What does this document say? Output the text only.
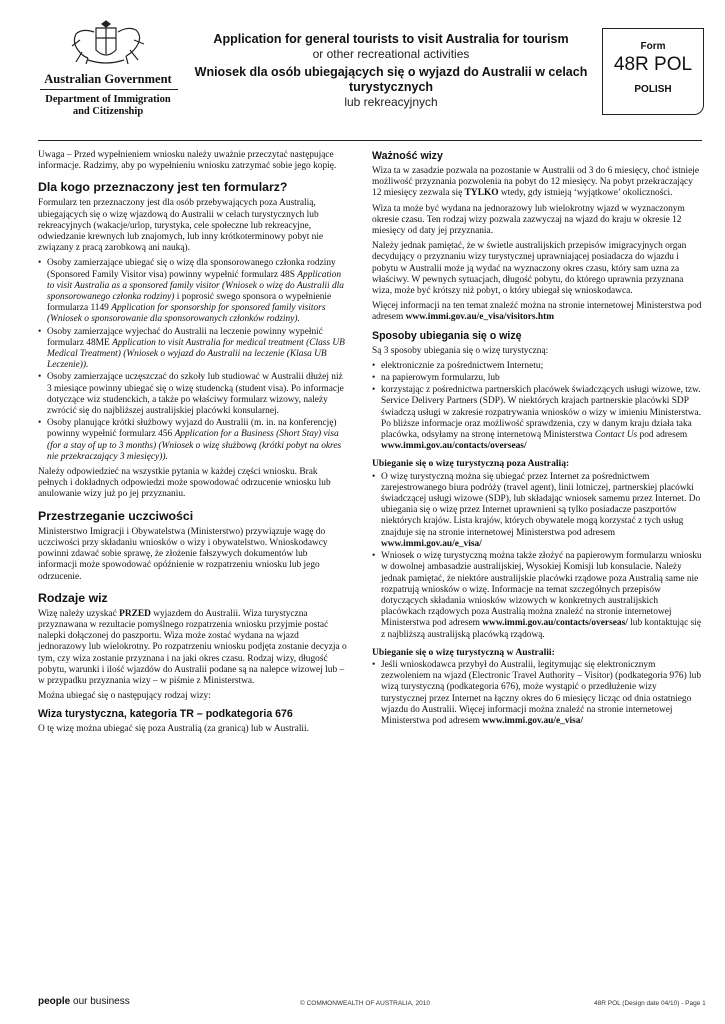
Australian Government
Department of Immigration and Citizenship
Application for general tourists to visit Australia for tourism
or other recreational activities
Wniosek dla osób ubiegających się o wyjazd do Australii w celach turystycznych
lub rekreacyjnych
Form
48R POL
POLISH

Uwaga – Przed wypełnieniem wniosku należy uważnie przeczytać następujące informacje. Radzimy, aby po wypełnieniu wniosku zatrzymać sobie jego kopię.

Dla kogo przeznaczony jest ten formularz?

Formularz ten przeznaczony jest dla osób przebywających poza Australią, ubiegających się o wizę wjazdową do Australii w celach turystycznych lub rekreacyjnych (wakacje/urlop, turystyka, cele społeczne lub rekreacyjne, odwiedzanie krewnych lub znajomych, lub inny krótkoterminowy pobyt nie związany z pracą zarobkową ani nauką).

• Osoby zamierzające ubiegać się o wizę dla sponsorowanego członka rodziny (Sponsored Family Visitor visa) powinny wypełnić formularz 48S Application to visit Australia as a sponsored family visitor (Wniosek o wizę do Australii dla sponsorowanego członka rodziny) i poprosić swego sponsora o wypełnienie formularza 1149 Application for sponsorship for sponsored family visitors (Wniosek o sponsorowanie dla sponsorowanych członków rodziny).
• Osoby zamierzające wyjechać do Australii na leczenie powinny wypełnić formularz 48ME Application to visit Australia for medical treatment (Class UB Medical Treatment) (Wniosek o wyjazd do Australii na leczenie (Klasa UB Leczenie)).
• Osoby zamierzające uczęszczać do szkoły lub studiować w Australii dłużej niż 3 miesiące powinny ubiegać się o wizę studencką (student visa). Po informacje dotyczące wiz studenckich, a także po właściwy formularz wizowy, należy zwrócić się do najbliższej australijskiej placówki konsularnej.
• Osoby planujące krótki służbowy wyjazd do Australii (m. in. na konferencję) powinny wypełnić formularz 456 Application for a Business (Short Stay) visa (for a stay of up to 3 months) (Wniosek o wizę służbową (krótki pobyt na okres nie przekraczający 3 miesięcy)).

Należy odpowiedzieć na wszystkie pytania w każdej części wniosku. Brak pełnych i dokładnych odpowiedzi może spowodować odrzucenie wniosku lub anulowanie wizy już po jej przyznaniu.

Przestrzeganie uczciwości

Ministerstwo Imigracji i Obywatelstwa (Ministerstwo) przywiązuje wagę do uczciwości przy składaniu wniosków o wizy i obywatelstwo. Wnioskodawcy powinni zdawać sobie sprawę, że złożenie fałszywych dokumentów lub informacji może spowodować opóźnienie w rozpatrzeniu wniosku lub jego odrzucenie.

Rodzaje wiz

Wizę należy uzyskać PRZED wyjazdem do Australii. Wiza turystyczna przyznawana w rezultacie pomyślnego rozpatrzenia wniosku przyjmie postać nalepki dołączonej do paszportu. Wiza może zostać wydana na wjazd jednorazowy lub wielokrotny. Po rozpatrzeniu wniosku podjęta zostanie decyzja o tym, czy wiza zostanie przyznana i na jaki okres czasu. Rodzaj wizy, długość pobytu, warunki i ilość wjazdów do Australii podane są na nalepce wizowej lub – w przypadku przyznania wizy – w piśmie z Ministerstwa.

Można ubiegać się o następujący rodzaj wizy:

Wiza turystyczna, kategoria TR – podkategoria 676

O tę wizę można ubiegać się poza Australią (za granicą) lub w Australii.

Ważność wizy

Wiza ta w zasadzie pozwala na pozostanie w Australii od 3 do 6 miesięcy, choć istnieje możliwość przyznania pozwolenia na pobyt do 12 miesięcy. Na pobyt przekraczający 12 miesięcy zezwala się TYLKO wtedy, gdy istnieją ‘wyjątkowe’ okoliczności.

Wiza ta może być wydana na jednorazowy lub wielokrotny wjazd w wyznaczonym okresie czasu. Ten rodzaj wizy pozwala zazwyczaj na wjazd do kraju w okresie 12 miesięcy od daty jej przyznania.

Należy jednak pamiętać, że w świetle australijskich przepisów imigracyjnych organ decydujący o przyznaniu wizy turystycznej uprawniającej posiadacza do wjazdu i pobytu w Australii może ją wydać na wyznaczony okres czasu, który sam uzna za właściwy. W pewnych sytuacjach, długość pobytu, do którego uprawnia przyznana wiza, może być krótszy niż pobyt, o który ubiegał się wnioskodawca.

Więcej informacji na ten temat znaleźć można na stronie internetowej Ministerstwa pod adresem www.immi.gov.au/e_visa/visitors.htm

Sposoby ubiegania się o wizę

Są 3 sposoby ubiegania się o wizę turystyczną:

• elektronicznie za pośrednictwem Internetu;
• na papierowym formularzu, lub
• korzystając z pośrednictwa partnerskich placówek świadczących usługi wizowe, tzw. Service Delivery Partners (SDP). W niektórych krajach partnerskie placówki SDP świadczą usługi w zakresie rozpatrywania wniosków o wizy w imieniu Ministerstwa. Po bliższe informacje oraz możliwość sprawdzenia, czy w danym kraju działa taka placówka, odsyłamy na stronę internetową Ministerstwa Contact Us pod adresem www.immi.gov.au/contacts/overseas/
Ubieganie się o wizę turystyczną poza Australią:
• O wizę turystyczną można się ubiegać przez Internet za pośrednictwem zarejestrowanego biura podróży (travel agent), linii lotniczej, partnerskiej placówki świadczącej usługi wizowe (SDP), lub składając wniosek samemu przez Internet. Do ubiegania się o wizę przez Internet uprawnieni są tylko posiadacze paszportów niektórych krajów. Lista krajów, których obywatele mogą korzystać z tych usług znajduje się na stronie internetowej Ministerstwa pod adresem www.immi.gov.au/e_visa/
• Wniosek o wizę turystyczną można także złożyć na papierowym formularzu wniosku w dowolnej ambasadzie australijskiej, Wysokiej Komisji lub konsulacie. Należy jednak pamiętać, że niektóre australijskie placówki rządowe poza Australią same nie rozpatrują wniosków o wizę. Informacje na temat szczegółnych przepisów dotyczących składania wniosków wizowych w konkretnych australijskich placówkach rządowych poza Australią można znaleźć na stronie internetowej Ministerstwa pod adresem www.immi.gov.au/contacts/overseas/ lub kontaktując się z najbliższą australijską placówką rządową.
Ubieganie się o wizę turystyczną w Australii:
• Jeśli wnioskodawca przybył do Australii, legitymując się elektronicznym zezwoleniem na wjazd (Electronic Travel Authority – Visitor) (podkategoria 976) lub wizą turystyczną (podkategoria 676), może wystąpić o przedłużenie wizy turystycznej przez Internet na łączny okres do 6 miesięcy licząc od dnia ostatniego wjazdu do Australii. Więcej informacji można znaleźć na stronie internetowej Ministerstwa pod adresem www.immi.gov.au/e_visa/
people our business	© COMMONWEALTH OF AUSTRALIA, 2010	48R POL (Design date 04/10) - Page 1
